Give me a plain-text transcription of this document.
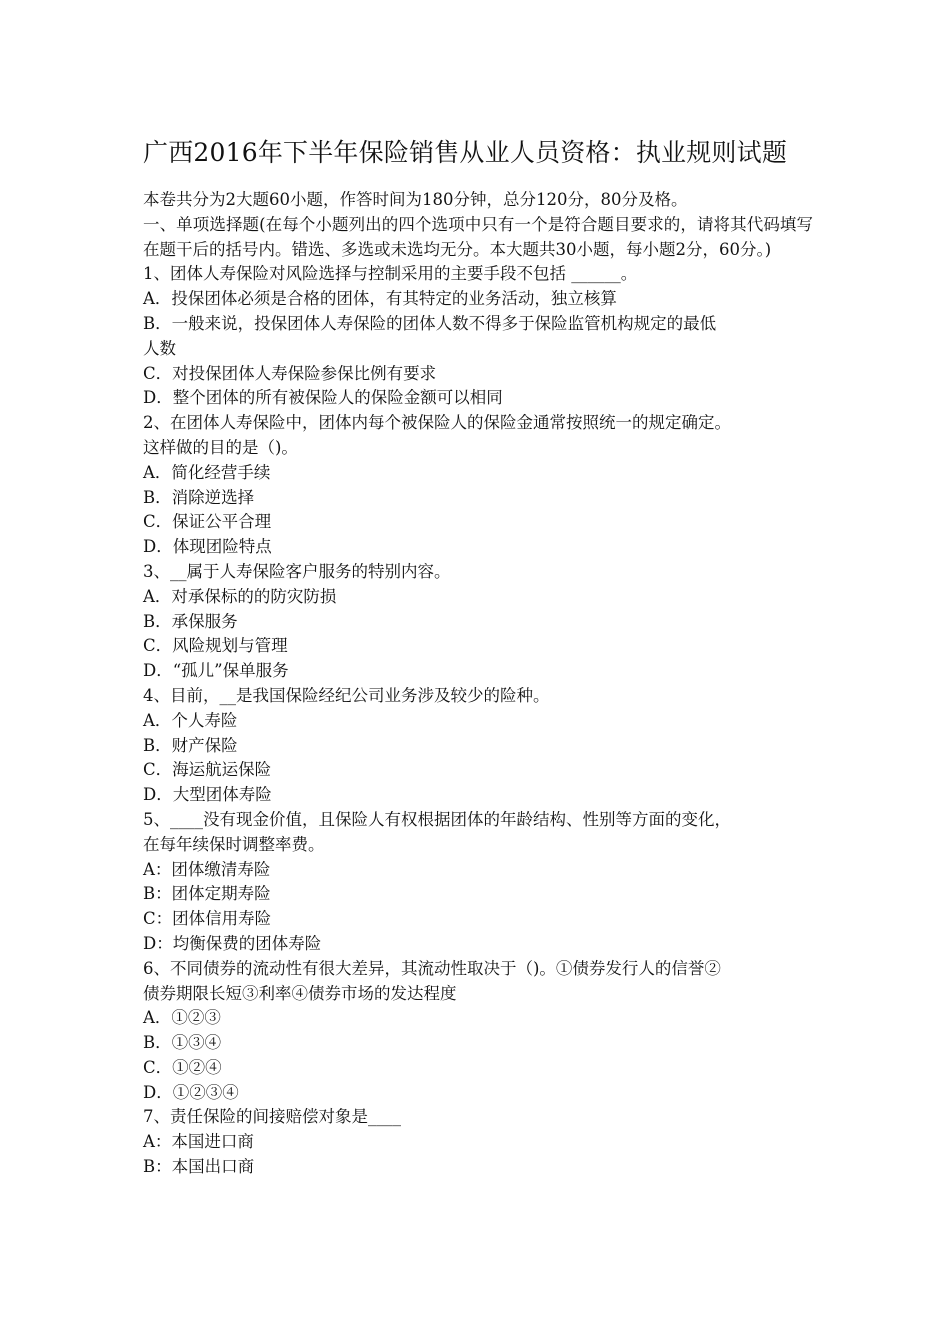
广西2016年下半年保险销售从业人员资格：执业规则试题
本卷共分为2大题60小题，作答时间为180分钟，总分120分，80分及格。
一、单项选择题(在每个小题列出的四个选项中只有一个是符合题目要求的，请将其代码填写在题干后的括号内。错选、多选或未选均无分。本大题共30小题，每小题2分，60分。)
1、团体人寿保险对风险选择与控制采用的主要手段不包括 ______。
A．投保团体必须是合格的团体，有其特定的业务活动，独立核算
B．一般来说，投保团体人寿保险的团体人数不得多于保险监管机构规定的最低
人数
C．对投保团体人寿保险参保比例有要求
D．整个团体的所有被保险人的保险金额可以相同
2、在团体人寿保险中，团体内每个被保险人的保险金通常按照统一的规定确定。
这样做的目的是（)。
A．简化经营手续
B．消除逆选择
C．保证公平合理
D．体现团险特点
3、__属于人寿保险客户服务的特别内容。
A．对承保标的的防灾防损
B．承保服务
C．风险规划与管理
D．“孤儿”保单服务
4、目前，__是我国保险经纪公司业务涉及较少的险种。
A．个人寿险
B．财产保险
C．海运航运保险
D．大型团体寿险
5、____没有现金价值，且保险人有权根据团体的年龄结构、性别等方面的变化，
在每年续保时调整率费。
A：团体缴清寿险
B：团体定期寿险
C：团体信用寿险
D：均衡保费的团体寿险
6、不同债券的流动性有很大差异，其流动性取决于（)。①债券发行人的信誉②
债券期限长短③利率④债券市场的发达程度
A．①②③
B．①③④
C．①②④
D．①②③④
7、责任保险的间接赔偿对象是____
A：本国进口商
B：本国出口商
